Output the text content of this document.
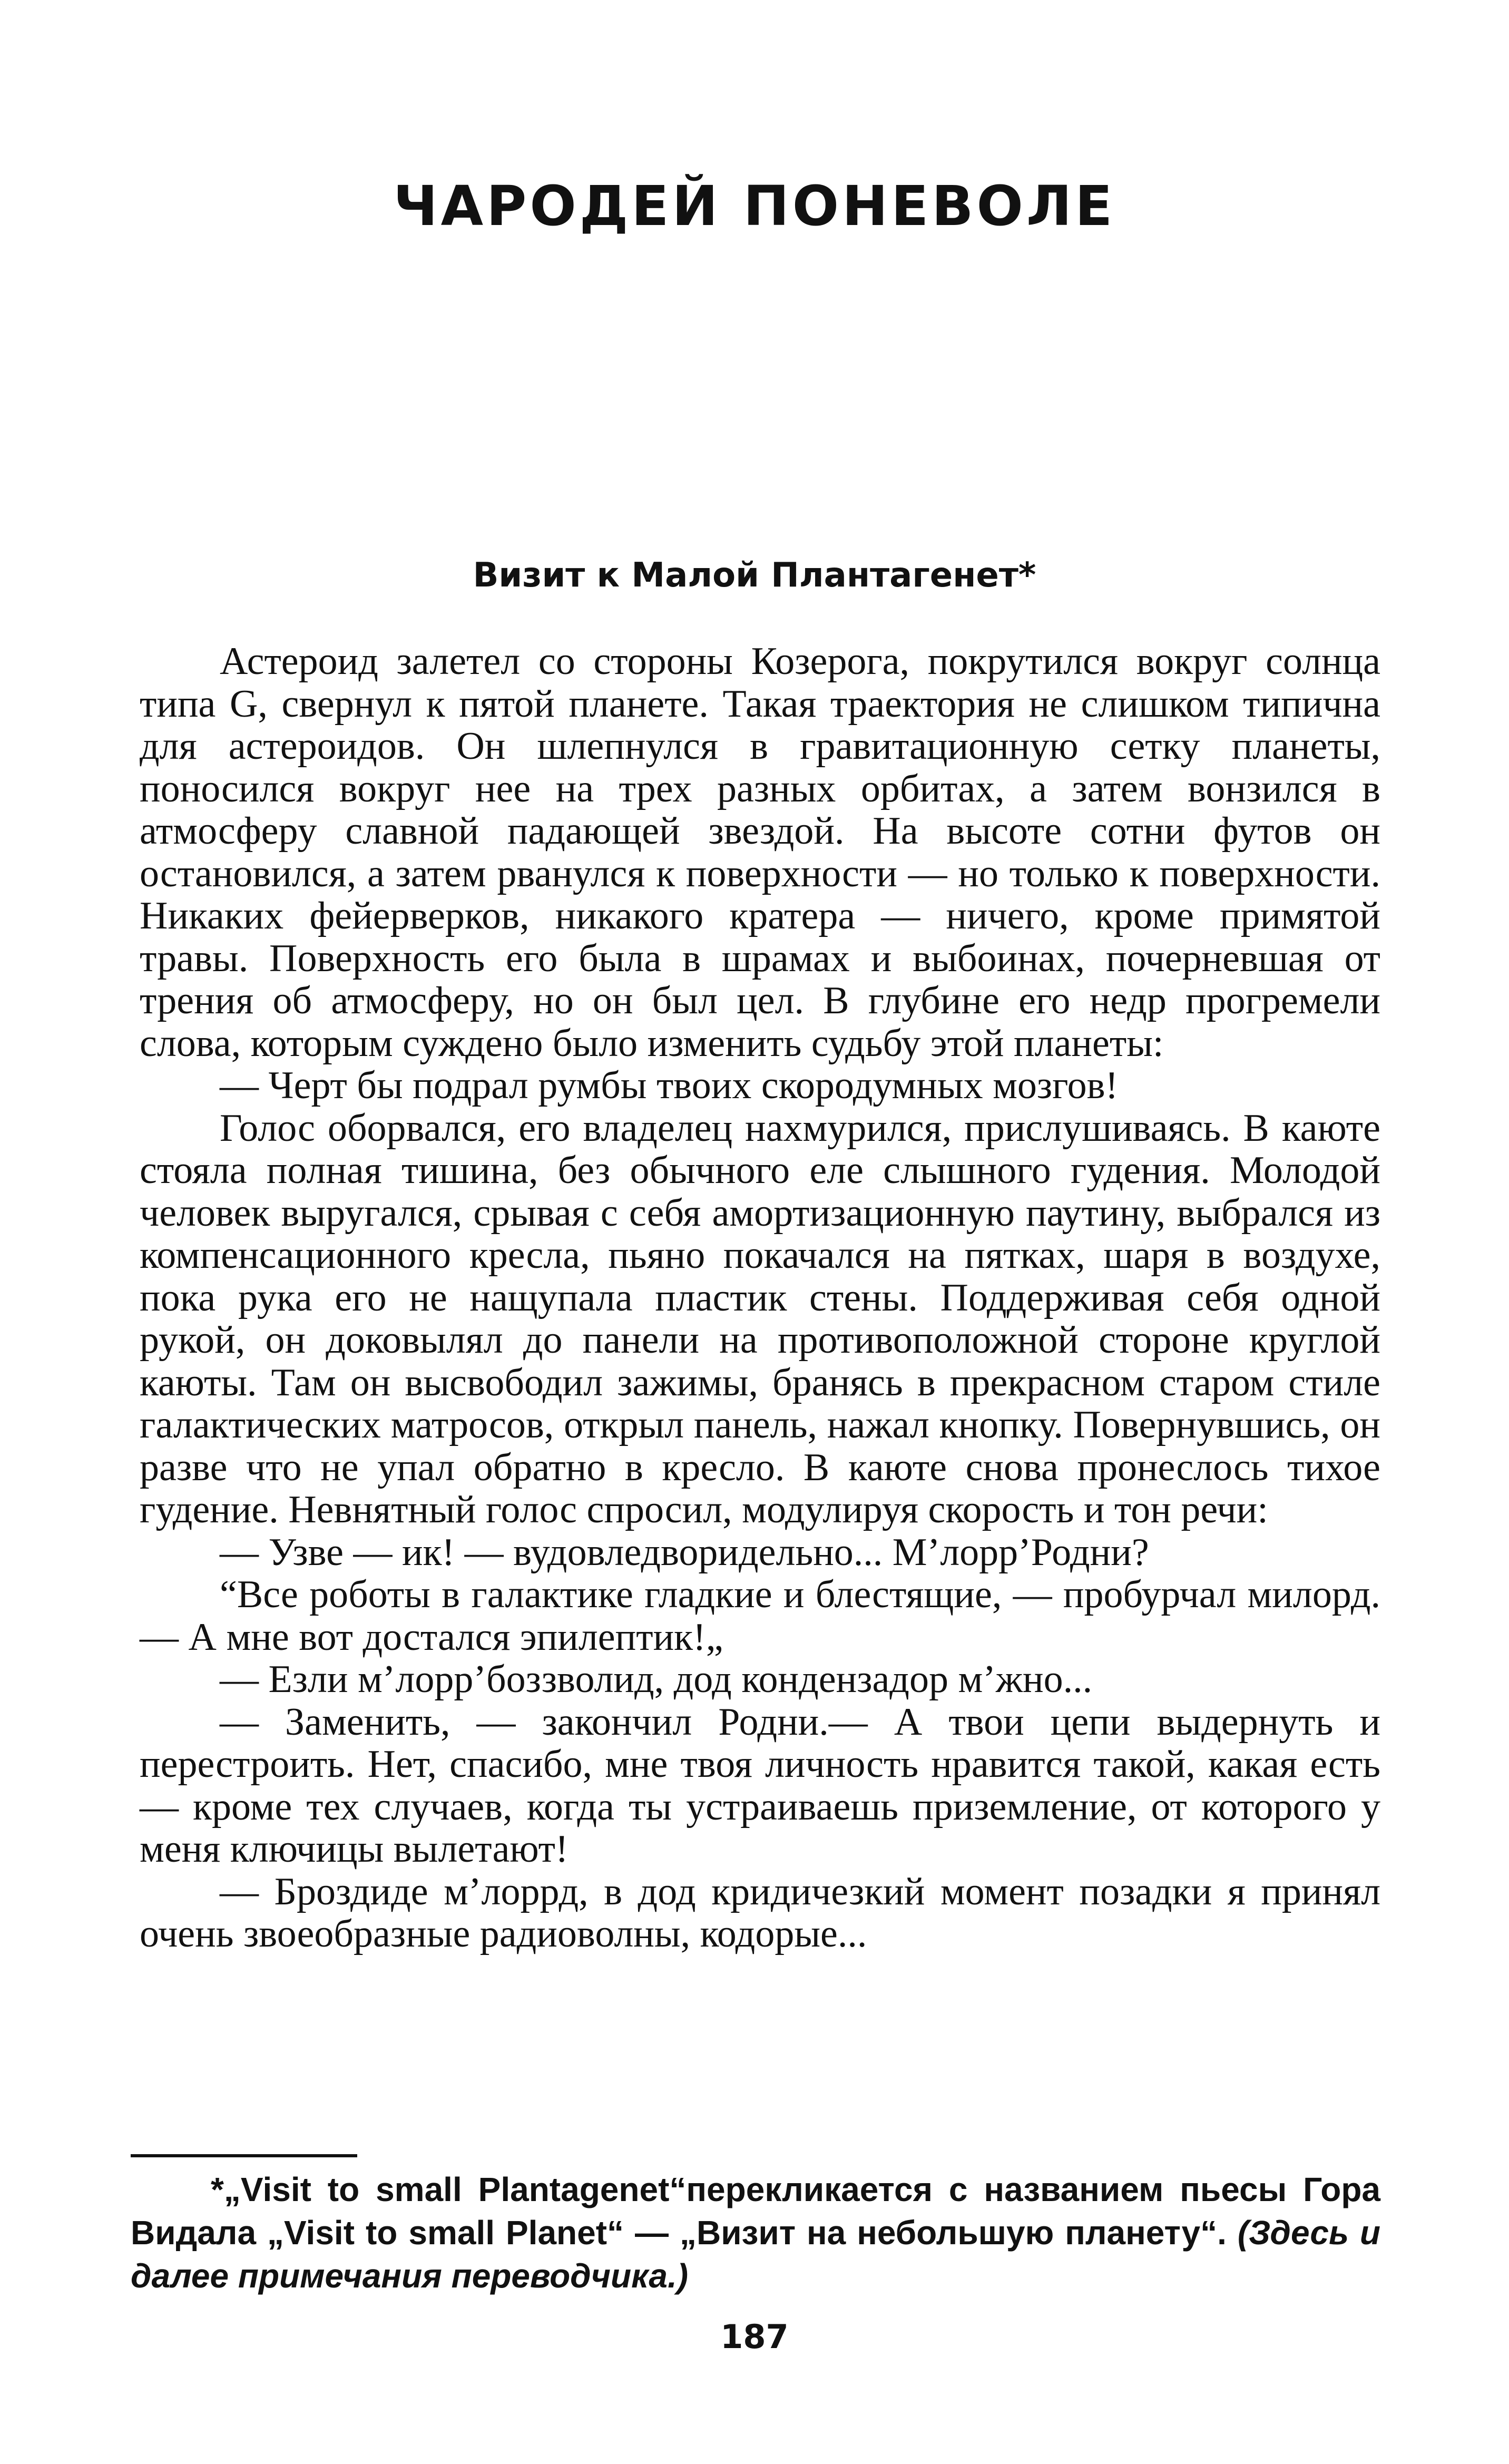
ЧАРОДЕЙ ПОНЕВОЛЕ
Визит к Малой Плантагенет*

Астероид залетел со стороны Козерога, покрутился вокруг солнца типа G, свернул к пятой планете. Такая траектория не слишком типична для астероидов. Он шлепнулся в гравитационную сетку планеты, поносился вокруг нее на трех разных орбитах, а затем вонзился в атмосферу славной падающей звездой. На высоте сотни футов он остановился, а затем рванулся к поверхности — но только к поверхности. Никаких фейерверков, никакого кратера — ничего, кроме примятой травы. Поверхность его была в шрамах и выбоинах, почерневшая от трения об атмосферу, но он был цел. В глубине его недр прогремели слова, которым суждено было изменить судьбу этой планеты:

— Черт бы подрал румбы твоих скородумных мозгов!

Голос оборвался, его владелец нахмурился, прислушиваясь. В каюте стояла полная тишина, без обычного еле слышного гудения. Молодой человек выругался, срывая с себя амортизационную паутину, выбрался из компенсационного кресла, пьяно покачался на пятках, шаря в воздухе, пока рука его не нащупала пластик стены. Поддерживая себя одной рукой, он доковылял до панели на противоположной стороне круглой каюты. Там он высвободил зажимы, бранясь в прекрасном старом стиле галактических матросов, открыл панель, нажал кнопку. Повернувшись, он разве что не упал обратно в кресло. В каюте снова пронеслось тихое гудение. Невнятный голос спросил, модулируя скорость и тон речи:

— Узве — ик! — вудовледворидельно... М’лорр’Родни?

“Все роботы в галактике гладкие и блестящие, — пробурчал милорд.— А мне вот достался эпилептик!„

— Езли м’лорр’боззволид, дод кондензадор м’жно...

— Заменить, — закончил Родни.— А твои цепи выдернуть и перестроить. Нет, спасибо, мне твоя личность нравится такой, какая есть — кроме тех случаев, когда ты устраиваешь приземление, от которого у меня ключицы вылетают!

— Броздиде м’лоррд, в дод кридичезкий момент позадки я принял очень звоеобразные радиоволны, кодорые...

*„Visit to small Plantagenet“перекликается с названием пьесы Гора Видала „Visit to small Planet“ — „Визит на небольшую планету“. (Здесь и далее примечания переводчика.)

187
